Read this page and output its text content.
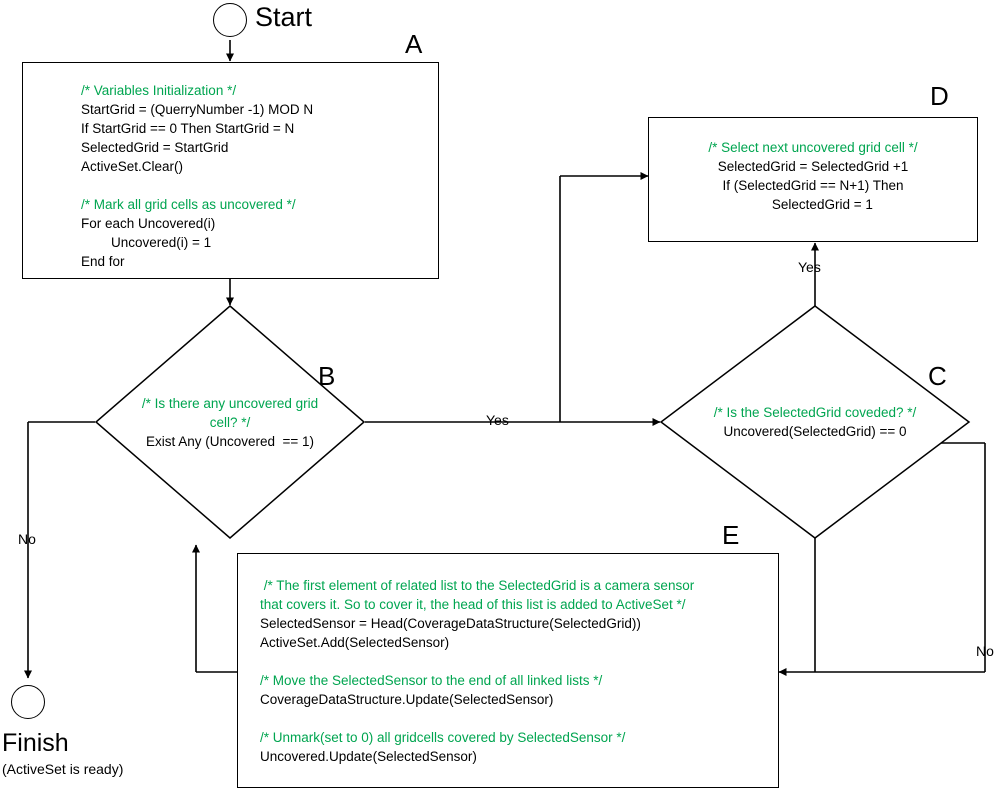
Start
A
/* Variables Initialization */
StartGrid = (QuerryNumber -1) MOD N
If StartGrid == 0 Then StartGrid = N
SelectedGrid = StartGrid
ActiveSet.Clear()

/* Mark all grid cells as uncovered */
For each Uncovered(i)
Uncovered(i) = 1
End for
D
/* Select next uncovered grid cell */
SelectedGrid = SelectedGrid +1
If (SelectedGrid == N+1) Then
SelectedGrid = 1
B
/* Is there any uncovered grid
cell? */
Exist Any (Uncovered  == 1)
C
/* Is the SelectedGrid coveded? */
Uncovered(SelectedGrid) == 0
E
/* The first element of related list to the SelectedGrid is a camera sensor
that covers it. So to cover it, the head of this list is added to ActiveSet */
SelectedSensor = Head(CoverageDataStructure(SelectedGrid))
ActiveSet.Add(SelectedSensor)

/* Move the SelectedSensor to the end of all linked lists */
CoverageDataStructure.Update(SelectedSensor)

/* Unmark(set to 0) all gridcells covered by SelectedSensor */
Uncovered.Update(SelectedSensor)
Finish
(ActiveSet is ready)
Yes
No
Yes
No
